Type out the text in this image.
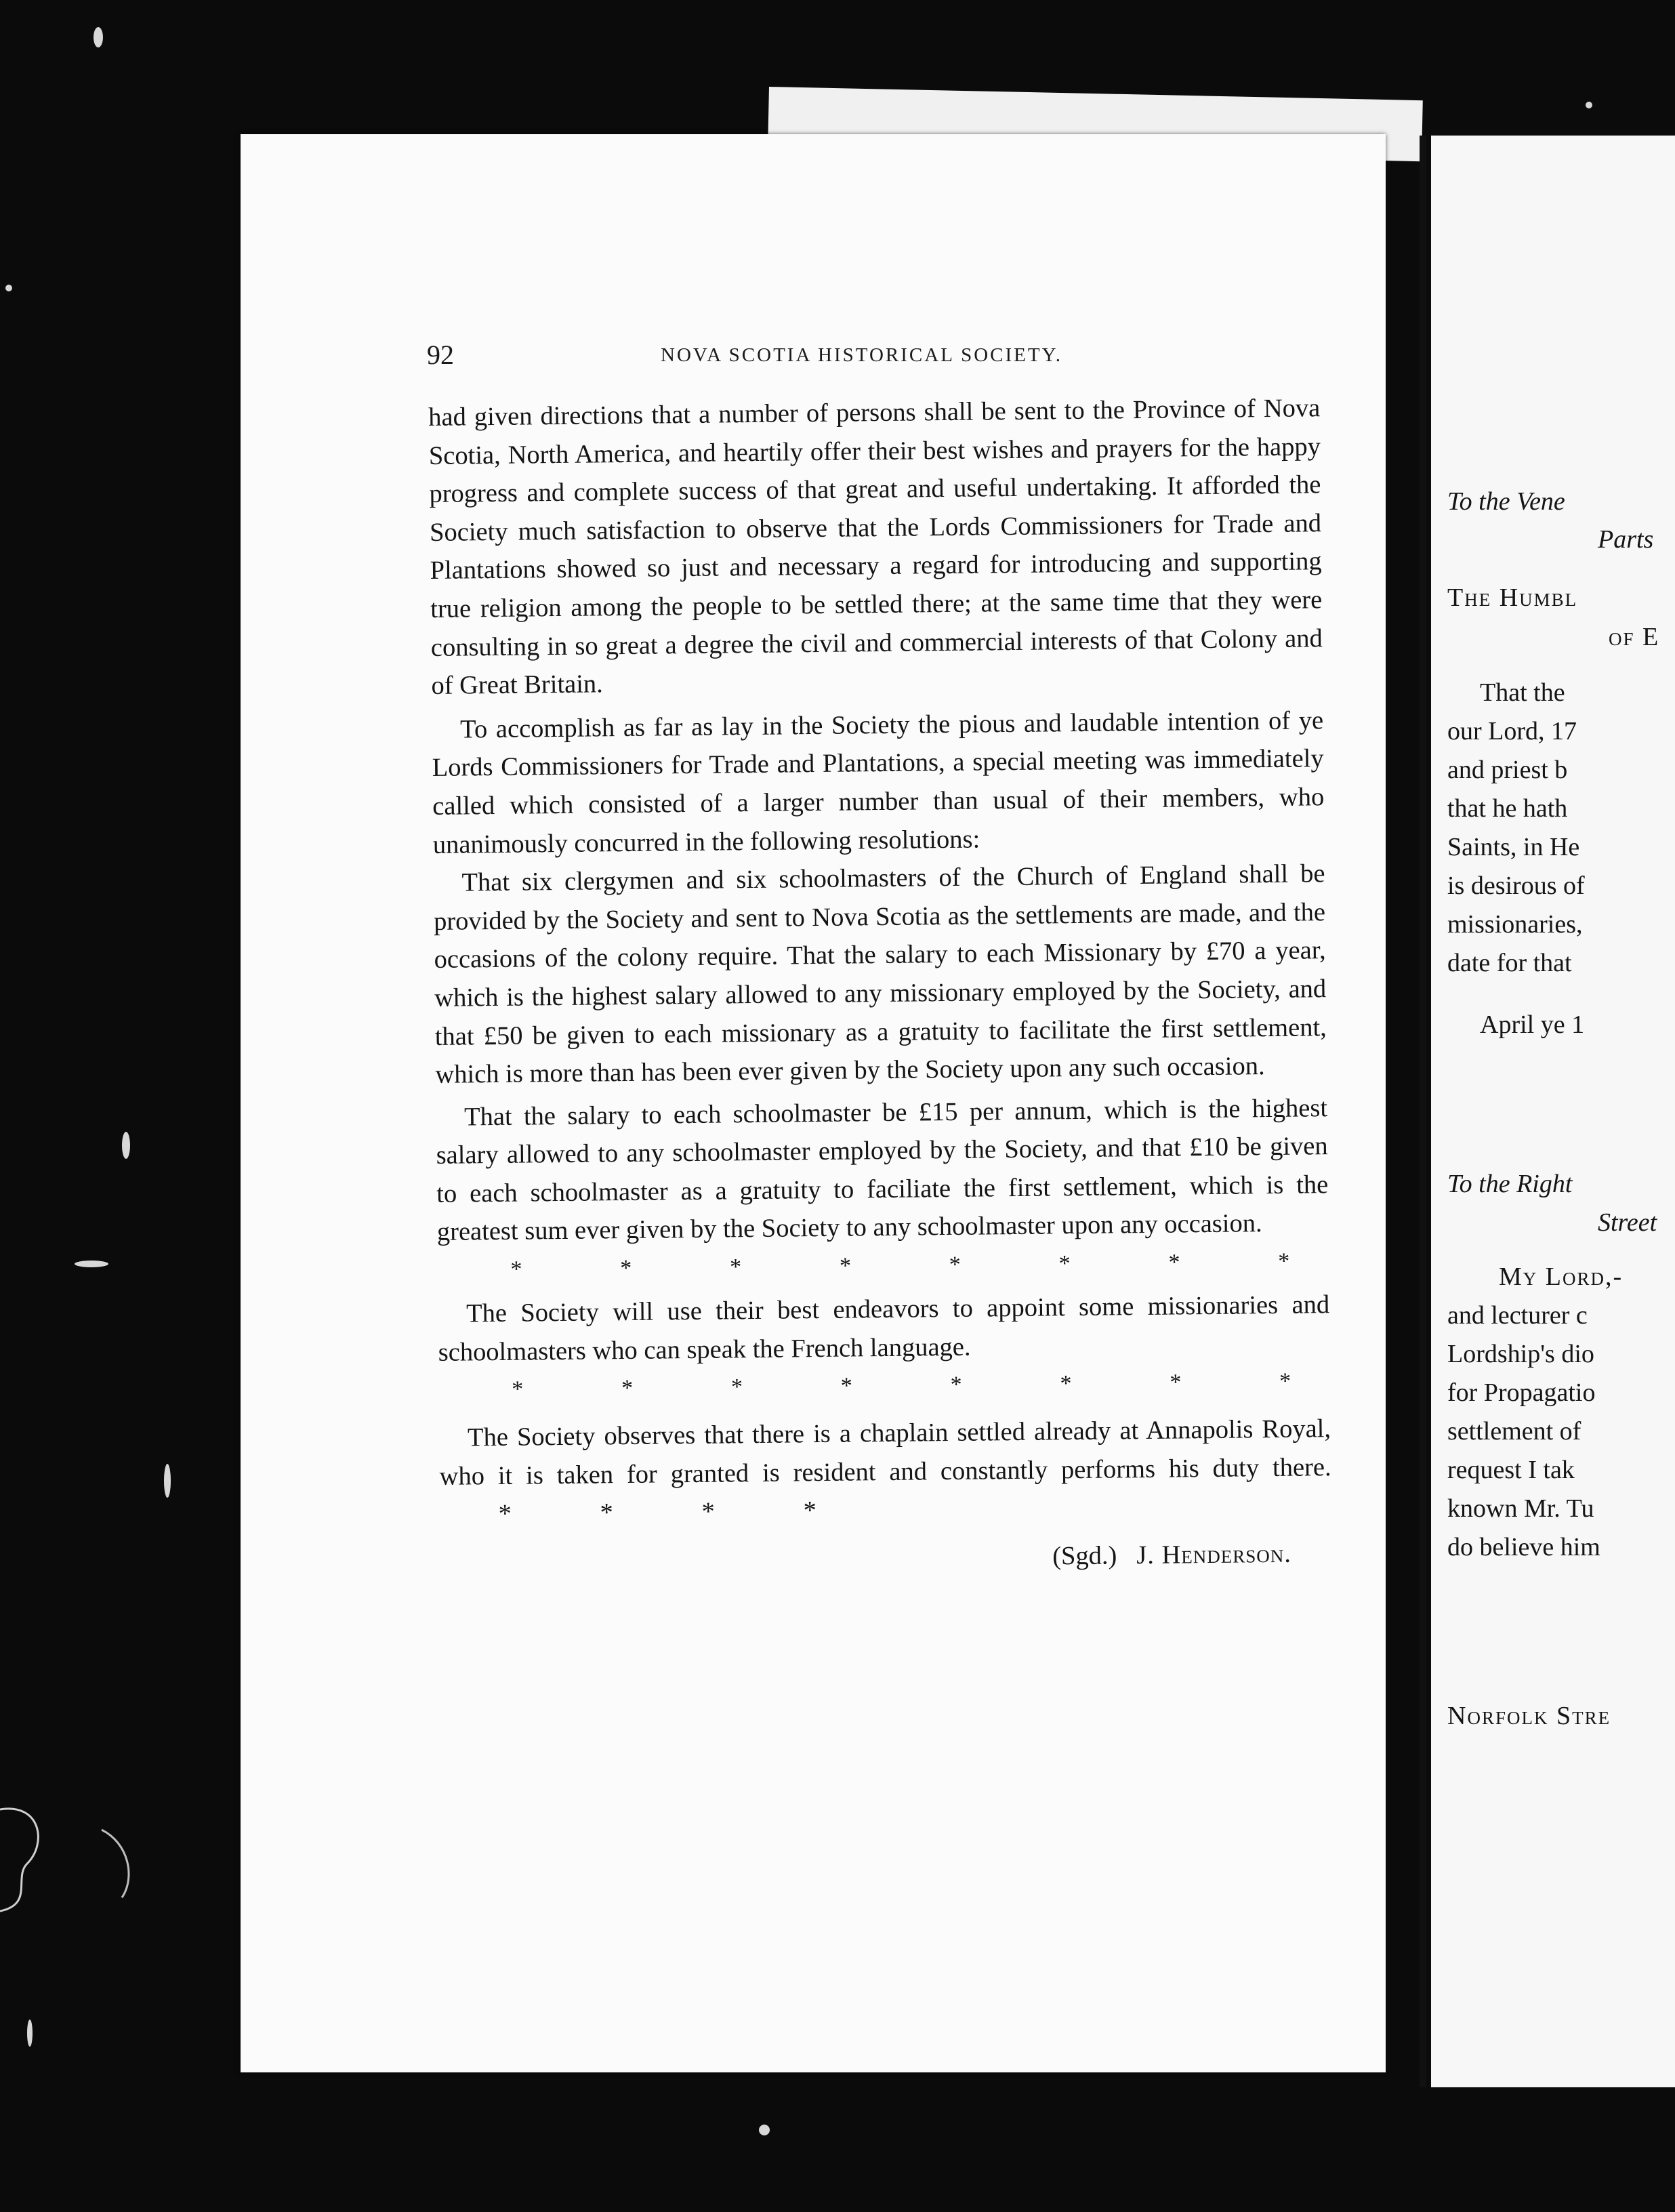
92	NOVA SCOTIA HISTORICAL SOCIETY.

had given directions that a number of persons shall be sent to the Province of Nova Scotia, North America, and heartily offer their best wishes and prayers for the happy progress and complete success of that great and useful undertaking. It afforded the Society much satisfaction to observe that the Lords Commissioners for Trade and Plantations showed so just and necessary a regard for introducing and supporting true religion among the people to be settled there; at the same time that they were consulting in so great a degree the civil and commercial interests of that Colony and of Great Britain.

To accomplish as far as lay in the Society the pious and laudable intention of ye Lords Commissioners for Trade and Plantations, a special meeting was immediately called which consisted of a larger number than usual of their members, who unanimously concurred in the following resolutions:

That six clergymen and six schoolmasters of the Church of England shall be provided by the Society and sent to Nova Scotia as the settlements are made, and the occasions of the colony require. That the salary to each Missionary by £70 a year, which is the highest salary allowed to any missionary employed by the Society, and that £50 be given to each missionary as a gratuity to facilitate the first settlement, which is more than has been ever given by the Society upon any such occasion.

That the salary to each schoolmaster be £15 per annum, which is the highest salary allowed to any schoolmaster employed by the Society, and that £10 be given to each schoolmaster as a gratuity to faciliate the first settlement, which is the greatest sum ever given by the Society to any schoolmaster upon any occasion.

*	*	*	*	*	*	*	*

The Society will use their best endeavors to appoint some missionaries and schoolmasters who can speak the French language.

*	*	*	*	*	*	*	*

The Society observes that there is a chaplain settled already at Annapolis Royal, who it is taken for granted is resident and constantly performs his duty there. *	*	*	*

(Sgd.) J. Henderson.
To the Vene
Parts
The Humbl
of E
That the
our Lord, 17
and priest b
that he hath
Saints, in He
is desirous of
missionaries,
date for that
April ye 1
To the Right
Street
My Lord,-
and lecturer c
Lordship's dio
for Propagatio
settlement of
request I tak
known Mr. Tu
do believe him
Norfolk Stre
